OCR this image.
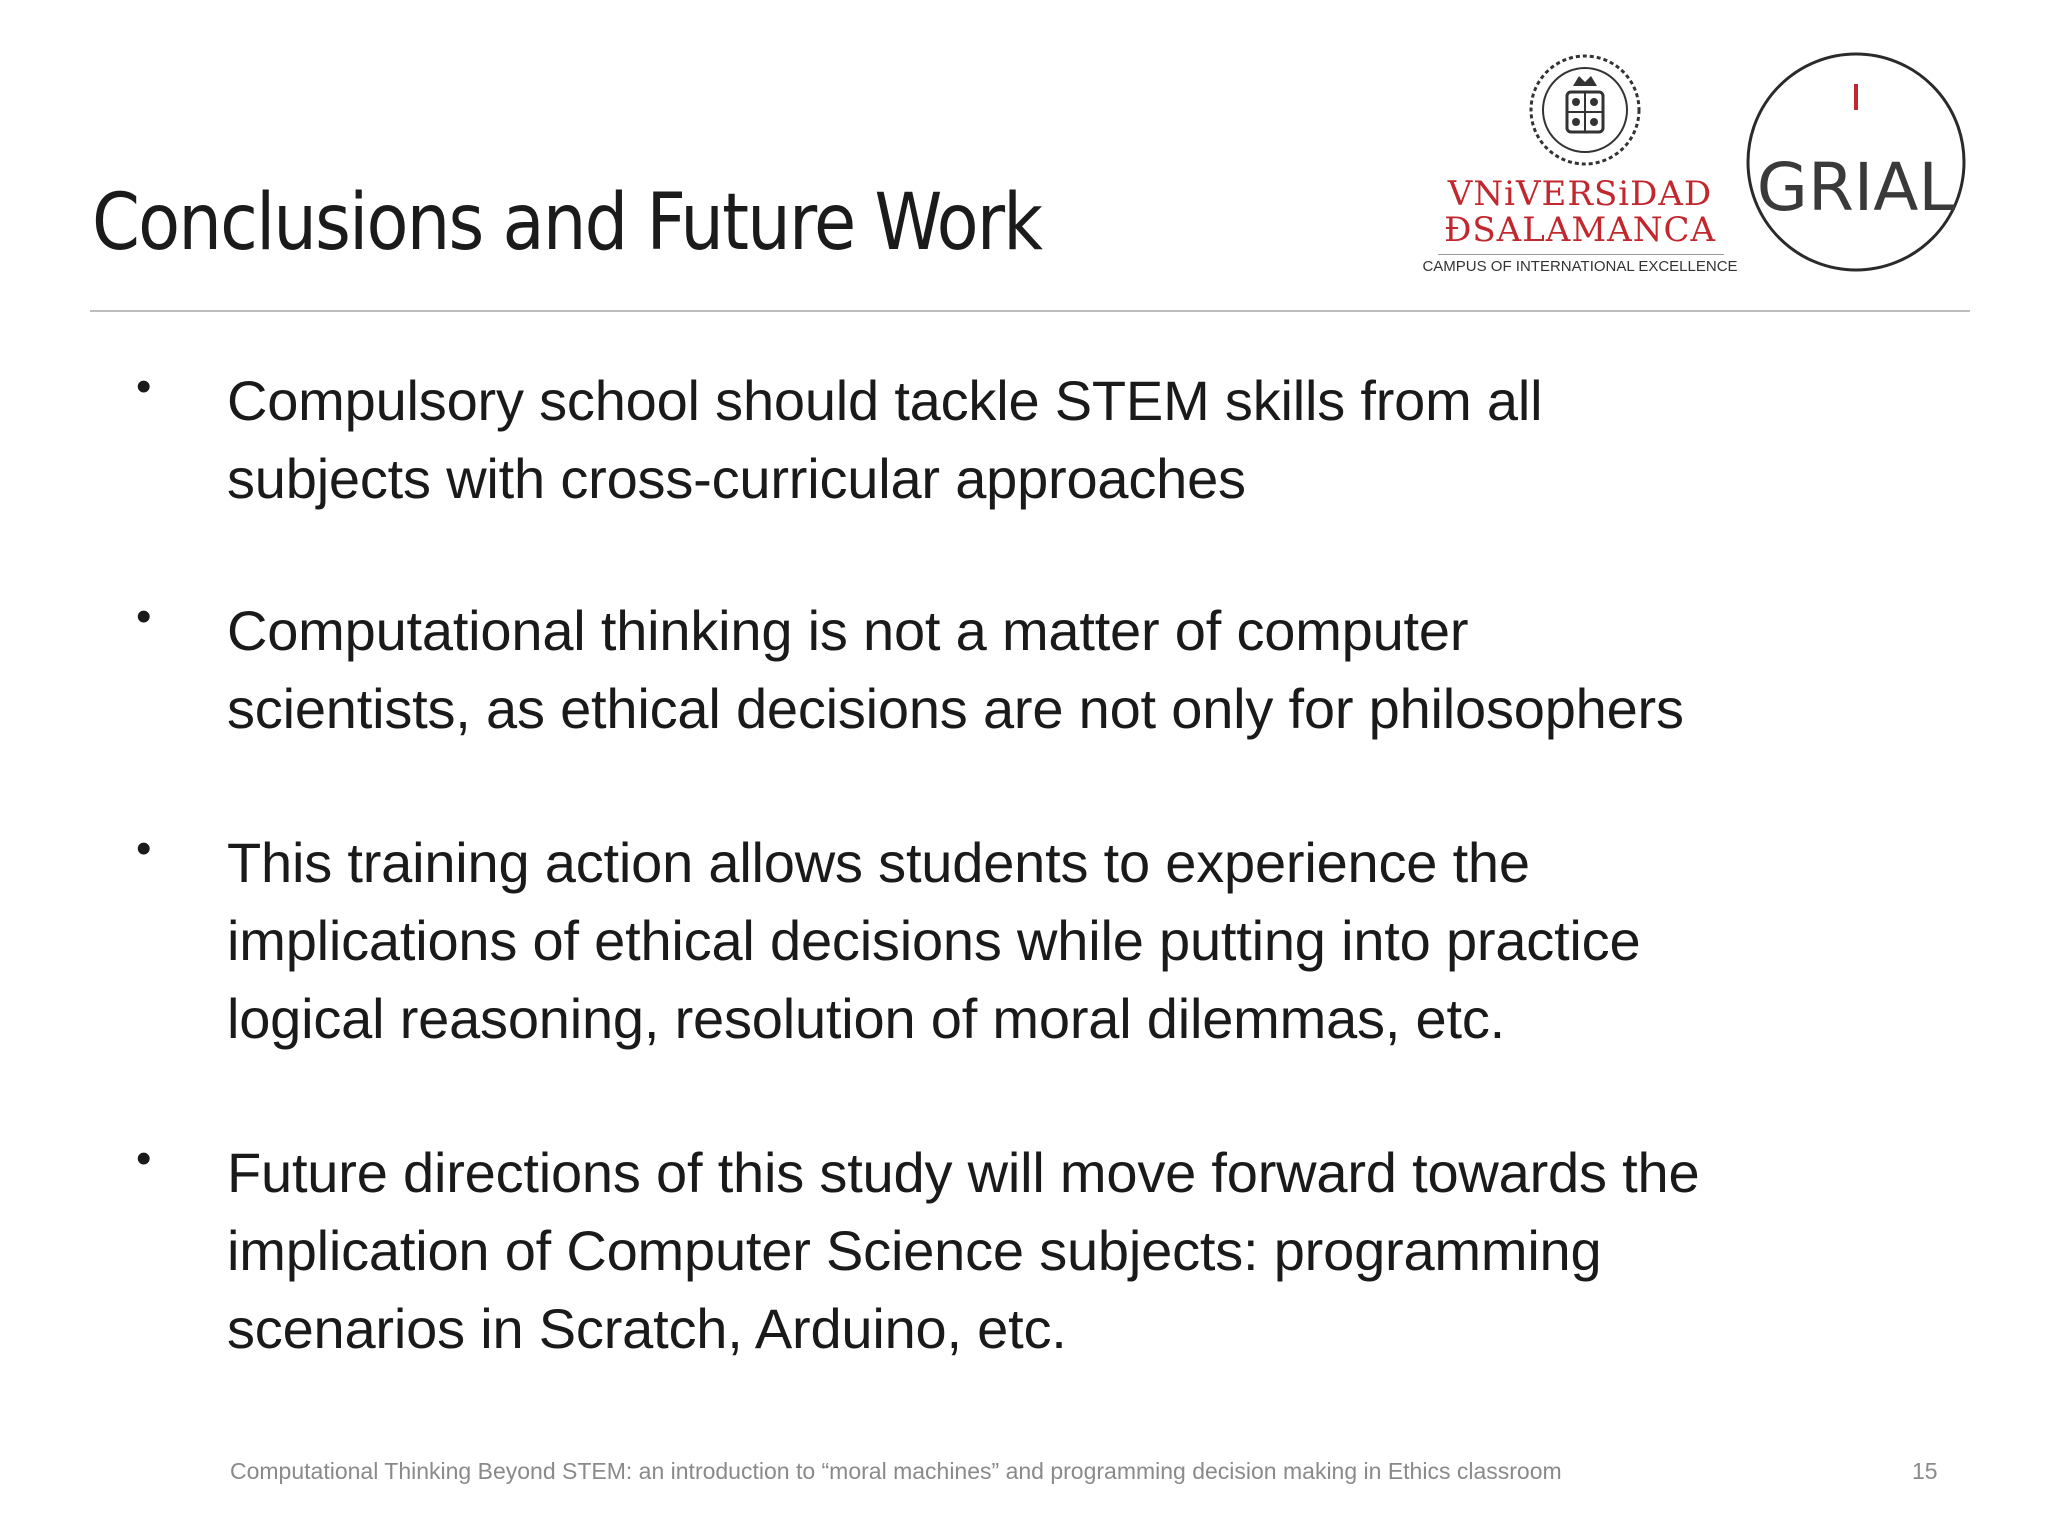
Conclusions and Future Work	VNiVERSiDAD
ÐSALAMANCA
CAMPUS OF INTERNATIONAL EXCELLENCE
GRIAL
• Compulsory school should tackle STEM skills from all
subjects with cross-curricular approaches
• Computational thinking is not a matter of computer
scientists, as ethical decisions are not only for philosophers
• This training action allows students to experience the
implications of ethical decisions while putting into practice
logical reasoning, resolution of moral dilemmas, etc.
• Future directions of this study will move forward towards the
implication of Computer Science subjects: programming
scenarios in Scratch, Arduino, etc.
Computational Thinking Beyond STEM: an introduction to “moral machines” and programming decision making in Ethics classroom	15
